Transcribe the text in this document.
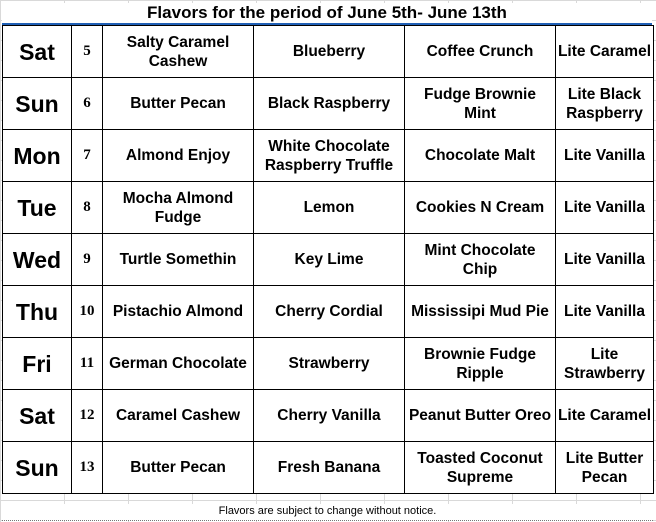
Flavors for the period of June 5th- June 13th
Sat	5	Salty Caramel Cashew	Blueberry	Coffee Crunch	Lite Caramel
Sun	6	Butter Pecan	Black Raspberry	Fudge Brownie Mint	Lite Black Raspberry
Mon	7	Almond Enjoy	White Chocolate Raspberry Truffle	Chocolate Malt	Lite Vanilla
Tue	8	Mocha Almond Fudge	Lemon	Cookies N Cream	Lite Vanilla
Wed	9	Turtle Somethin	Key Lime	Mint Chocolate Chip	Lite Vanilla
Thu	10	Pistachio Almond	Cherry Cordial	Mississipi Mud Pie	Lite Vanilla
Fri	11	German Chocolate	Strawberry	Brownie Fudge Ripple	Lite Strawberry
Sat	12	Caramel Cashew	Cherry Vanilla	Peanut Butter Oreo	Lite Caramel
Sun	13	Butter Pecan	Fresh Banana	Toasted Coconut Supreme	Lite Butter Pecan
Flavors are subject to change without notice.
